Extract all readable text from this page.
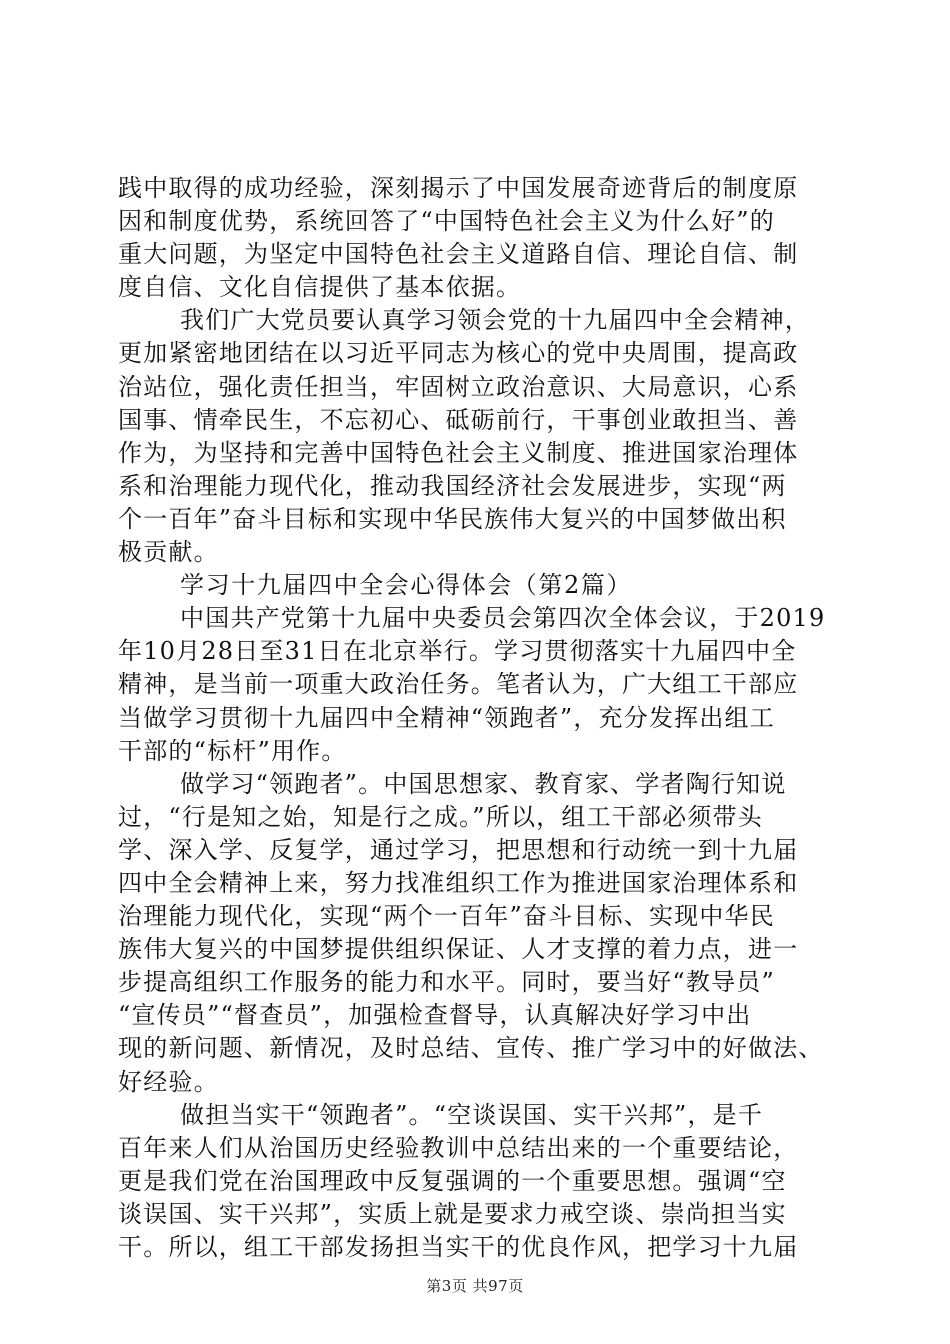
践中取得的成功经验，深刻揭示了中国发展奇迹背后的制度原
因和制度优势，系统回答了“中国特色社会主义为什么好”的
重大问题，为坚定中国特色社会主义道路自信、理论自信、制
度自信、文化自信提供了基本依据。
我们广大党员要认真学习领会党的十九届四中全会精神，
更加紧密地团结在以习近平同志为核心的党中央周围，提高政
治站位，强化责任担当，牢固树立政治意识、大局意识，心系
国事、情牵民生，不忘初心、砥砺前行，干事创业敢担当、善
作为，为坚持和完善中国特色社会主义制度、推进国家治理体
系和治理能力现代化，推动我国经济社会发展进步，实现“两
个一百年”奋斗目标和实现中华民族伟大复兴的中国梦做出积
极贡献。
学习十九届四中全会心得体会（第2篇）
中国共产党第十九届中央委员会第四次全体会议，于2019
年10月28日至31日在北京举行。学习贯彻落实十九届四中全
精神，是当前一项重大政治任务。笔者认为，广大组工干部应
当做学习贯彻十九届四中全精神“领跑者”，充分发挥出组工
干部的“标杆”用作。
做学习“领跑者”。中国思想家、教育家、学者陶行知说
过，“行是知之始，知是行之成。”所以，组工干部必须带头
学、深入学、反复学，通过学习，把思想和行动统一到十九届
四中全会精神上来，努力找准组织工作为推进国家治理体系和
治理能力现代化，实现“两个一百年”奋斗目标、实现中华民
族伟大复兴的中国梦提供组织保证、人才支撑的着力点，进一
步提高组织工作服务的能力和水平。同时，要当好“教导员”
“宣传员”“督查员”，加强检查督导，认真解决好学习中出
现的新问题、新情况，及时总结、宣传、推广学习中的好做法、
好经验。
做担当实干“领跑者”。“空谈误国、实干兴邦”，是千
百年来人们从治国历史经验教训中总结出来的一个重要结论，
更是我们党在治国理政中反复强调的一个重要思想。强调“空
谈误国、实干兴邦”，实质上就是要求力戒空谈、崇尚担当实
干。所以，组工干部发扬担当实干的优良作风，把学习十九届
第3页 共97页
